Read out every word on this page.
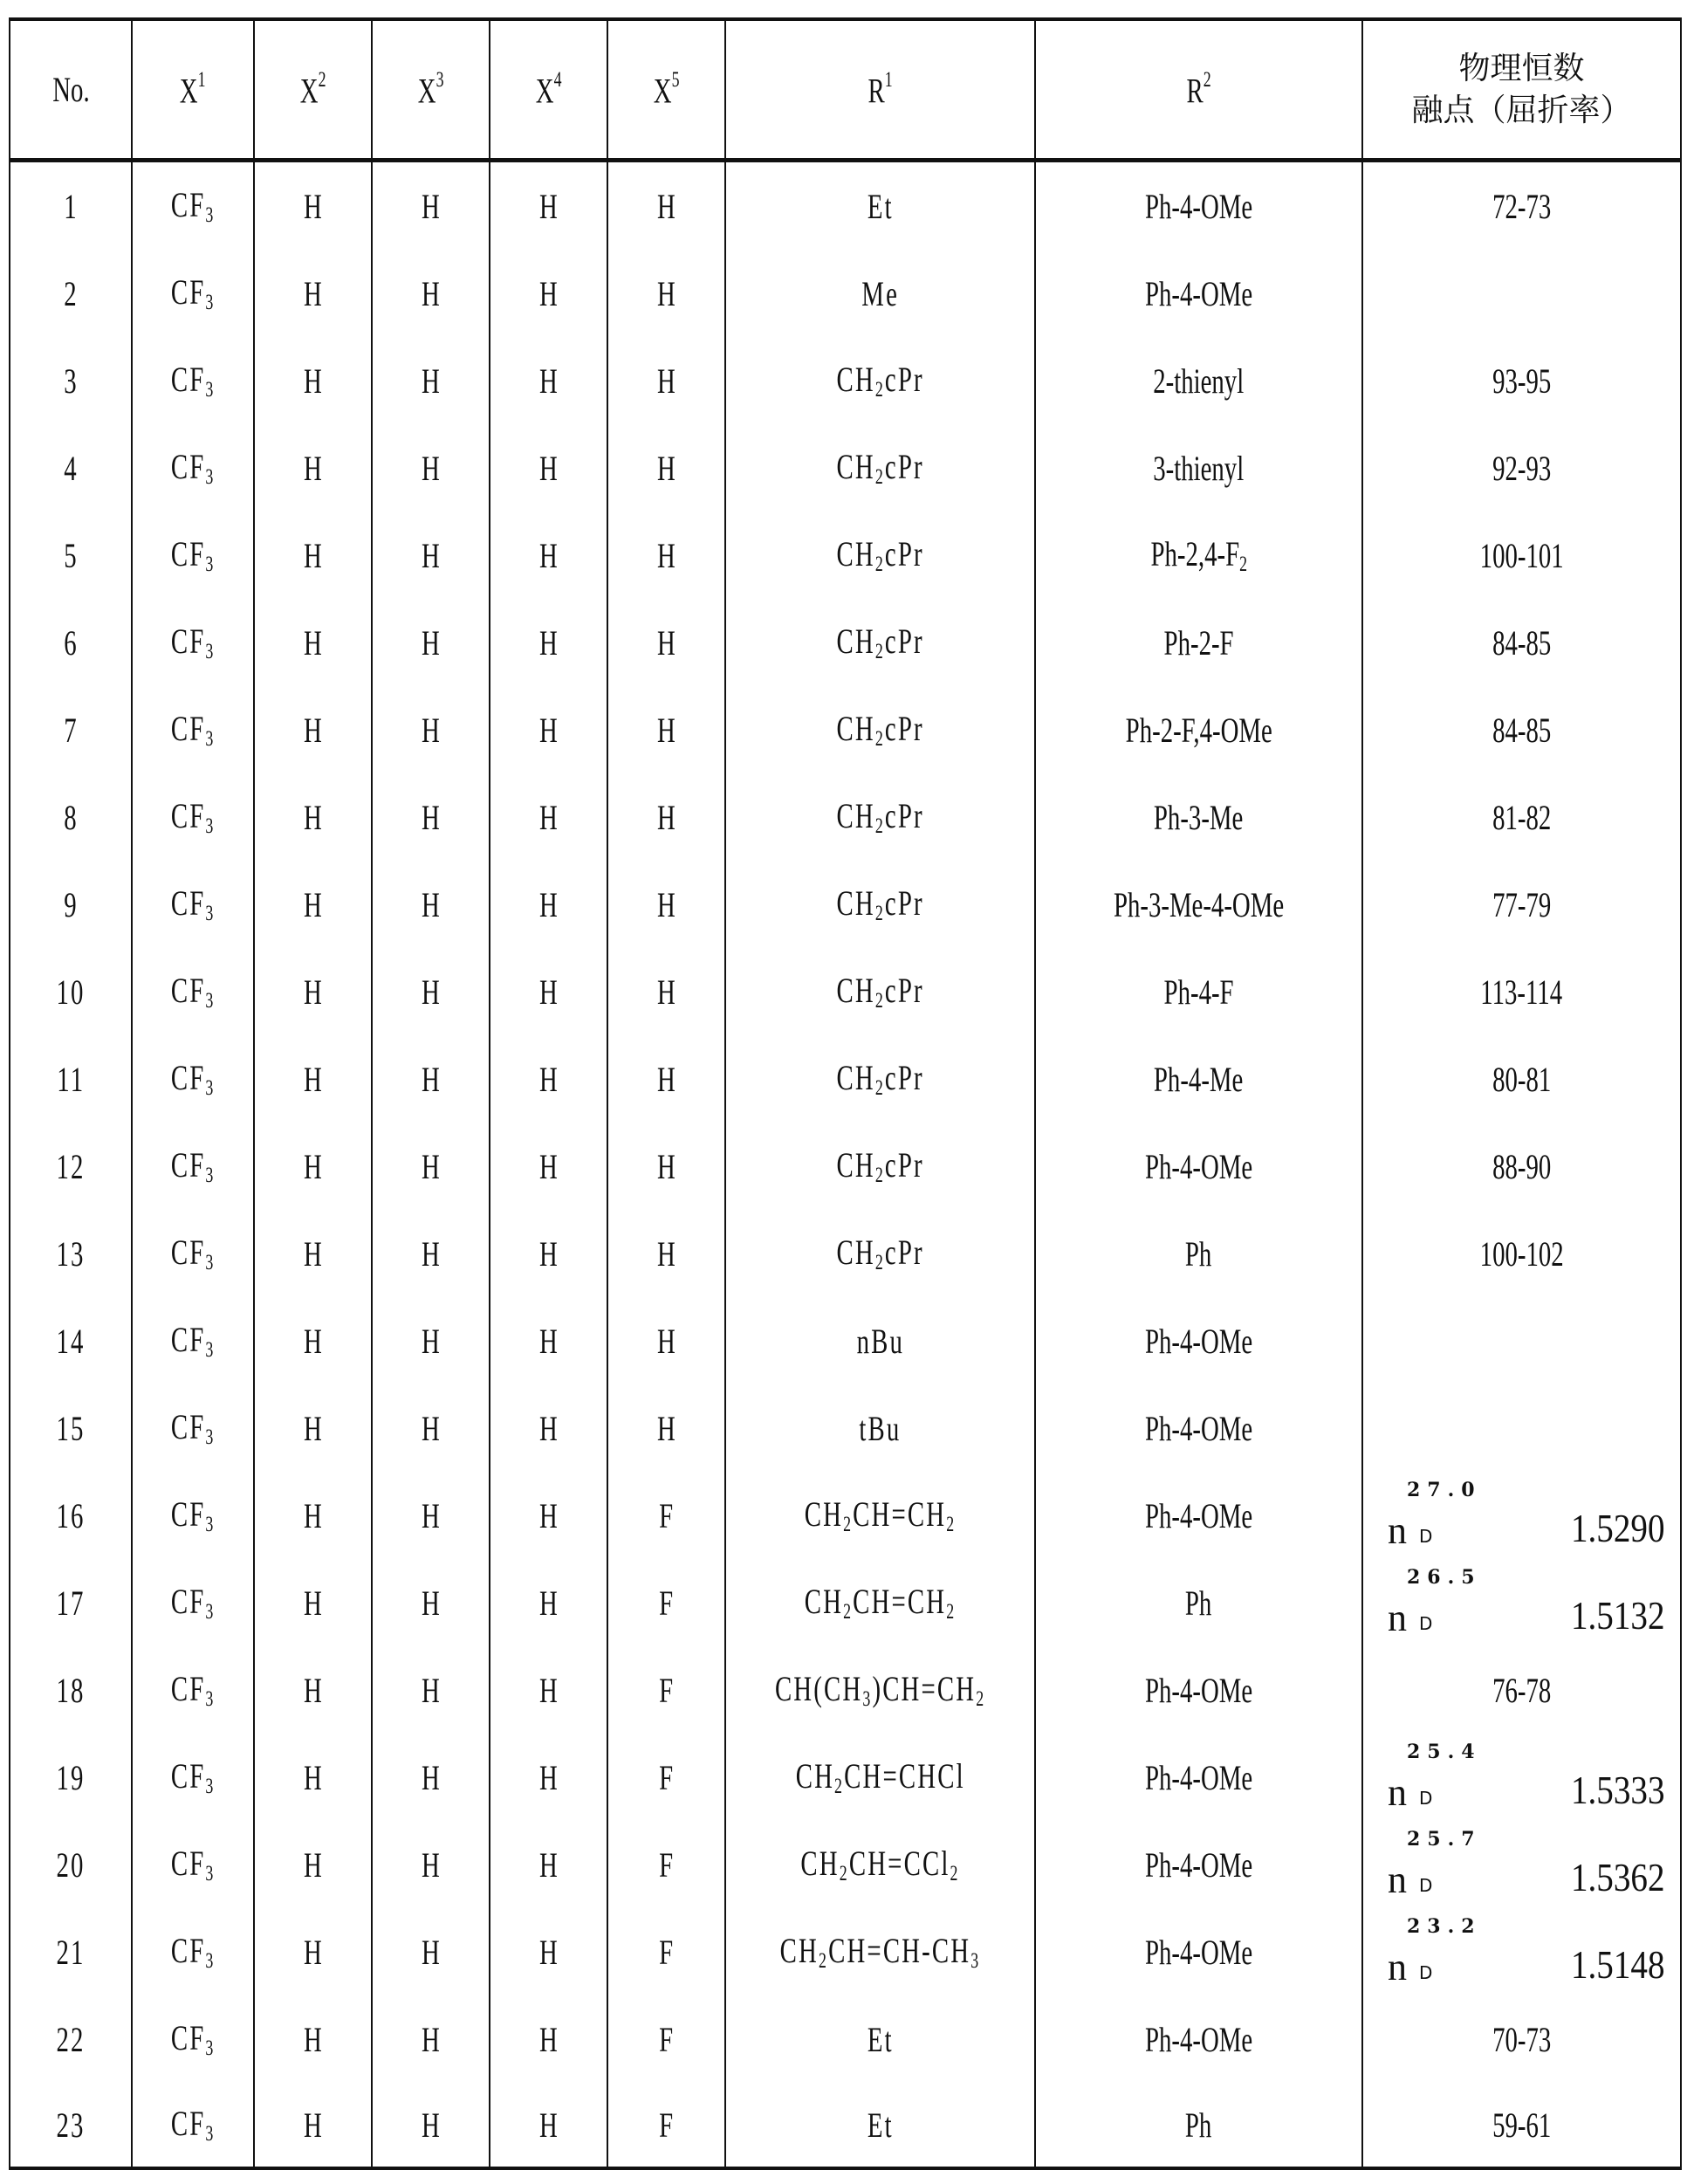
No.	$X^1$	$X^2$	$X^3$	$X^4$	$X^5$	$R^1$	$R^2$	物理恒数
融点（屈折率）
1	$CF_3$	H	H	H	H	Et	Ph-4-OMe	72-73
2	$CF_3$	H	H	H	H	Me	Ph-4-OMe	
3	$CF_3$	H	H	H	H	$CH_2cPr$	2-thienyl	93-95
4	$CF_3$	H	H	H	H	$CH_2cPr$	3-thienyl	92-93
5	$CF_3$	H	H	H	H	$CH_2cPr$	$Ph-2,4-F_2$	100-101
6	$CF_3$	H	H	H	H	$CH_2cPr$	Ph-2-F	84-85
7	$CF_3$	H	H	H	H	$CH_2cPr$	Ph-2-F,4-OMe	84-85
8	$CF_3$	H	H	H	H	$CH_2cPr$	Ph-3-Me	81-82
9	$CF_3$	H	H	H	H	$CH_2cPr$	Ph-3-Me-4-OMe	77-79
10	$CF_3$	H	H	H	H	$CH_2cPr$	Ph-4-F	113-114
11	$CF_3$	H	H	H	H	$CH_2cPr$	Ph-4-Me	80-81
12	$CF_3$	H	H	H	H	$CH_2cPr$	Ph-4-OMe	88-90
13	$CF_3$	H	H	H	H	$CH_2cPr$	Ph	100-102
14	$CF_3$	H	H	H	H	nBu	Ph-4-OMe	
15	$CF_3$	H	H	H	H	tBu	Ph-4-OMe	
16	$CF_3$	H	H	H	F	$CH_2CH=CH_2$	Ph-4-OMe	27.0
n D 1.5290

17	$CF_3$	H	H	H	F	$CH_2CH=CH_2$	Ph	26.5
n D 1.5132

18	$CF_3$	H	H	H	F	$CH(CH_3)CH=CH_2$	Ph-4-OMe	76-78
19	$CF_3$	H	H	H	F	$CH_2CH=CHCl$	Ph-4-OMe	25.4
n D 1.5333

20	$CF_3$	H	H	H	F	$CH_2CH=CCl_2$	Ph-4-OMe	25.7
n D 1.5362

21	$CF_3$	H	H	H	F	$CH_2CH=CH-CH_3$	Ph-4-OMe	23.2
n D 1.5148

22	$CF_3$	H	H	H	F	Et	Ph-4-OMe	70-73
23	$CF_3$	H	H	H	F	Et	Ph	59-61
